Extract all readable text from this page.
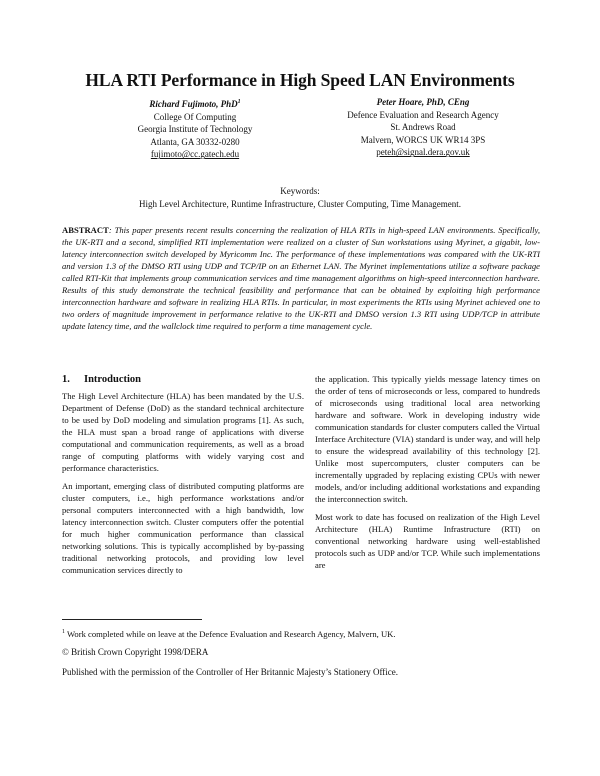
HLA RTI Performance in High Speed LAN Environments
Richard Fujimoto, PhD$^1$
College Of Computing
Georgia Institute of Technology
Atlanta, GA 30332-0280
fujimoto@cc.gatech.edu
Peter Hoare, PhD, CEng
Defence Evaluation and Research Agency
St. Andrews Road
Malvern, WORCS UK WR14 3PS
peteh@signal.dera.gov.uk
Keywords:
High Level Architecture, Runtime Infrastructure, Cluster Computing, Time Management.
ABSTRACT: This paper presents recent results concerning the realization of HLA RTIs in high-speed LAN environments. Specifically, the UK-RTI and a second, simplified RTI implementation were realized on a cluster of Sun workstations using Myrinet, a gigabit, low-latency interconnection switch developed by Myricomm Inc. The performance of these implementations was compared with the UK-RTI and version 1.3 of the DMSO RTI using UDP and TCP/IP on an Ethernet LAN. The Myrinet implementations utilize a software package called RTI-Kit that implements group communication services and time management algorithms on high-speed interconnection hardware. Results of this study demonstrate the technical feasibility and performance that can be obtained by exploiting high performance interconnection hardware and software in realizing HLA RTIs. In particular, in most experiments the RTIs using Myrinet achieved one to two orders of magnitude improvement in performance relative to the UK-RTI and DMSO version 1.3 RTI using UDP/TCP in attribute update latency time, and the wallclock time required to perform a time management cycle.
1. Introduction

The High Level Architecture (HLA) has been mandated by the U.S. Department of Defense (DoD) as the standard technical architecture to be used by DoD modeling and simulation programs [1]. As such, the HLA must span a broad range of applications with diverse computational and communication requirements, as well as a broad range of computing platforms with widely varying cost and performance characteristics.

An important, emerging class of distributed computing platforms are cluster computers, i.e., high performance workstations and/or personal computers interconnected with a high bandwidth, low latency interconnection switch. Cluster computers offer the potential for much higher communication performance than classical networking solutions. This is typically accomplished by by-passing traditional networking protocols, and providing low level communication services directly to

the application. This typically yields message latency times on the order of tens of microseconds or less, compared to hundreds of microseconds using traditional local area networking hardware and software. Work in developing industry wide communication standards for cluster computers called the Virtual Interface Architecture (VIA) standard is under way, and will help to ensure the widespread availability of this technology [2]. Unlike most supercomputers, cluster computers can be incrementally upgraded by replacing existing CPUs with newer models, and/or including additional workstations and expanding the interconnection switch.

Most work to date has focused on realization of the High Level Architecture (HLA) Runtime Infrastructure (RTI) on conventional networking hardware using well-established protocols such as UDP and/or TCP. While such implementations are

$^1$ Work completed while on leave at the Defence Evaluation and Research Agency, Malvern, UK.
© British Crown Copyright 1998/DERA
Published with the permission of the Controller of Her Britannic Majesty’s Stationery Office.
